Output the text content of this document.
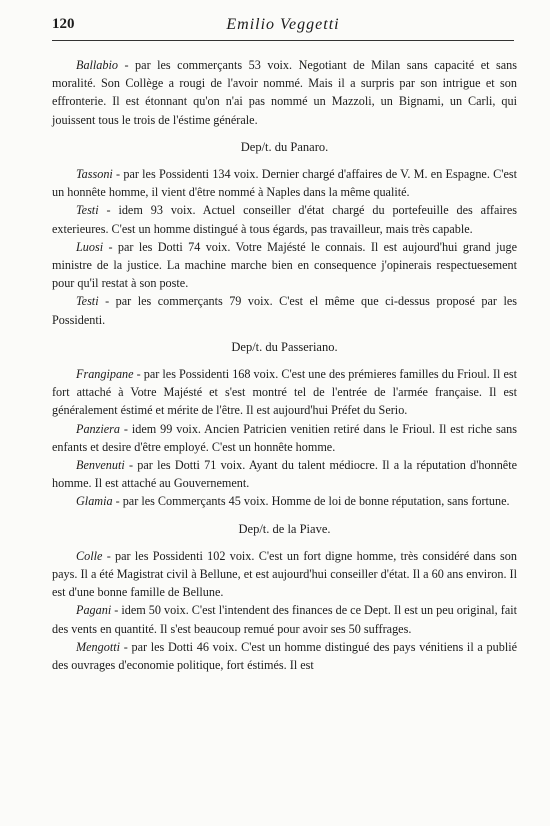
120	Emilio Veggetti

Ballabio - par les commerçants 53 voix. Negotiant de Milan sans capacité et sans moralité. Son Collège a rougi de l'avoir nommé. Mais il a surpris par son intrigue et son effronterie. Il est étonnant qu'on n'ai pas nommé un Mazzoli, un Bignami, un Carli, qui jouissent tous le trois de l'éstime générale.

Dep/t. du Panaro.

Tassoni - par les Possidenti 134 voix. Dernier chargé d'affaires de V. M. en Espagne. C'est un honnête homme, il vient d'être nommé à Naples dans la même qualité.

Testi - idem 93 voix. Actuel conseiller d'état chargé du portefeuille des affaires exterieures. C'est un homme distingué à tous égards, pas travailleur, mais très capable.

Luosi - par les Dotti 74 voix. Votre Majésté le connais. Il est aujourd'hui grand juge ministre de la justice. La machine marche bien en consequence j'opinerais respectuesement pour qu'il restat à son poste.

Testi - par les commerçants 79 voix. C'est el même que ci-dessus proposé par les Possidenti.

Dep/t. du Passeriano.

Frangipane - par les Possidenti 168 voix. C'est une des prémieres familles du Frioul. Il est fort attaché à Votre Majésté et s'est montré tel de l'entrée de l'armée française. Il est généralement éstimé et mérite de l'être. Il est aujourd'hui Préfet du Serio.

Panziera - idem 99 voix. Ancien Patricien venitien retiré dans le Frioul. Il est riche sans enfants et desire d'être employé. C'est un honnête homme.

Benvenuti - par les Dotti 71 voix. Ayant du talent médiocre. Il a la réputation d'honnête homme. Il est attaché au Gouvernement.

Glamia - par les Commerçants 45 voix. Homme de loi de bonne réputation, sans fortune.

Dep/t. de la Piave.

Colle - par les Possidenti 102 voix. C'est un fort digne homme, très considéré dans son pays. Il a été Magistrat civil à Bellune, et est aujourd'hui conseiller d'état. Il a 60 ans environ. Il est d'une bonne famille de Bellune.

Pagani - idem 50 voix. C'est l'intendent des finances de ce Dept. Il est un peu original, fait des vents en quantité. Il s'est beaucoup remué pour avoir ses 50 suffrages.

Mengotti - par les Dotti 46 voix. C'est un homme distingué des pays vénitiens il a publié des ouvrages d'economie politique, fort éstimés. Il est
